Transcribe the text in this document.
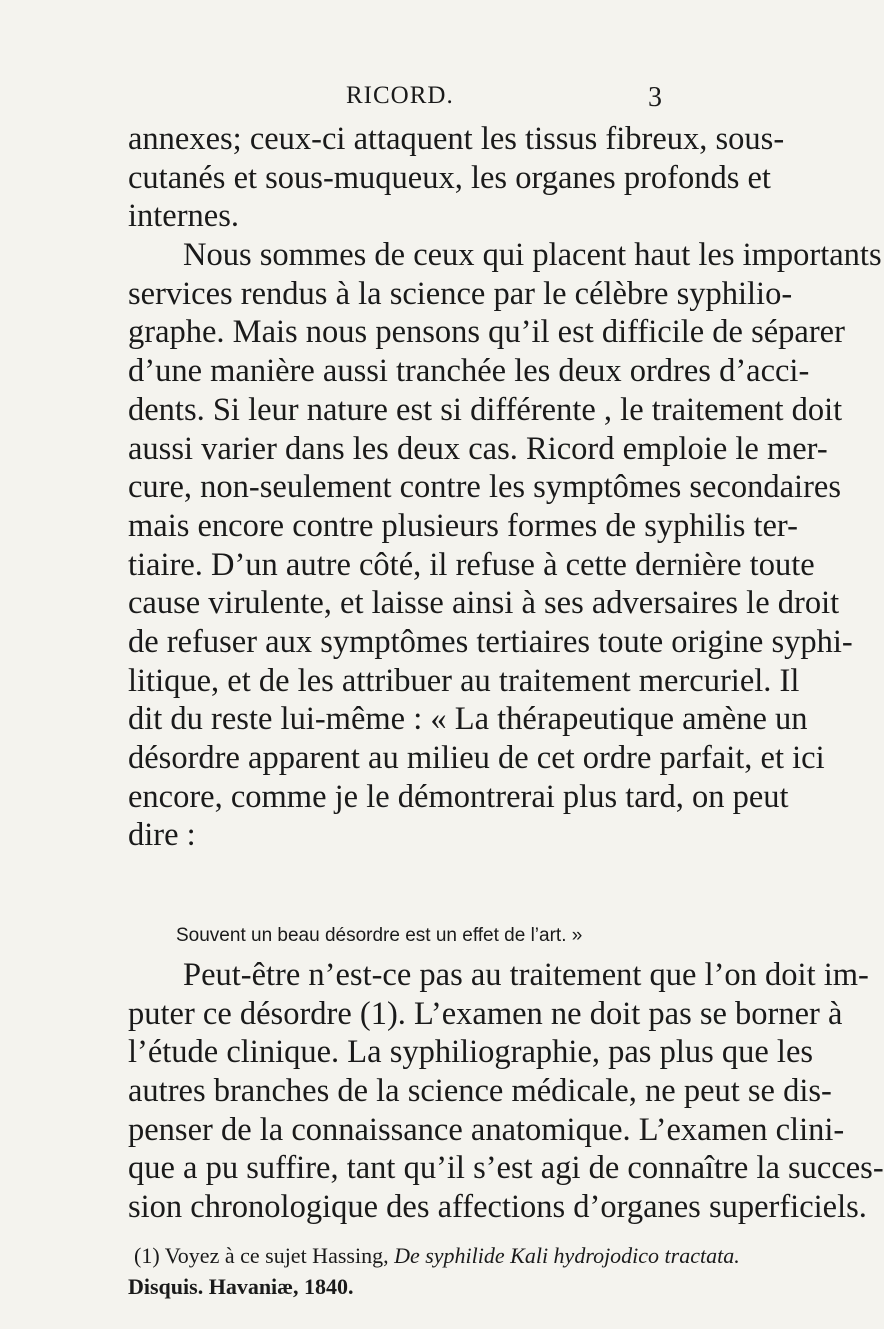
RICORD.	3
annexes; ceux-ci attaquent les tissus fibreux, sous-
cutanés et sous-muqueux, les organes profonds et
internes.
Nous sommes de ceux qui placent haut les importants
services rendus à la science par le célèbre syphilio-
graphe. Mais nous pensons qu’il est difficile de séparer
d’une manière aussi tranchée les deux ordres d’acci-
dents. Si leur nature est si différente , le traitement doit
aussi varier dans les deux cas. Ricord emploie le mer-
cure, non-seulement contre les symptômes secondaires
mais encore contre plusieurs formes de syphilis ter-
tiaire. D’un autre côté, il refuse à cette dernière toute
cause virulente, et laisse ainsi à ses adversaires le droit
de refuser aux symptômes tertiaires toute origine syphi-
litique, et de les attribuer au traitement mercuriel. Il
dit du reste lui-même : « La thérapeutique amène un
désordre apparent au milieu de cet ordre parfait, et ici
encore, comme je le démontrerai plus tard, on peut
dire :
Souvent un beau désordre est un effet de l’art. »
Peut-être n’est-ce pas au traitement que l’on doit im-
puter ce désordre (1). L’examen ne doit pas se borner à
l’étude clinique. La syphiliographie, pas plus que les
autres branches de la science médicale, ne peut se dis-
penser de la connaissance anatomique. L’examen clini-
que a pu suffire, tant qu’il s’est agi de connaître la succes-
sion chronologique des affections d’organes superficiels.
(1) Voyez à ce sujet Hassing, De syphilide Kali hydrojodico tractata.
Disquis. Havaniæ, 1840.
